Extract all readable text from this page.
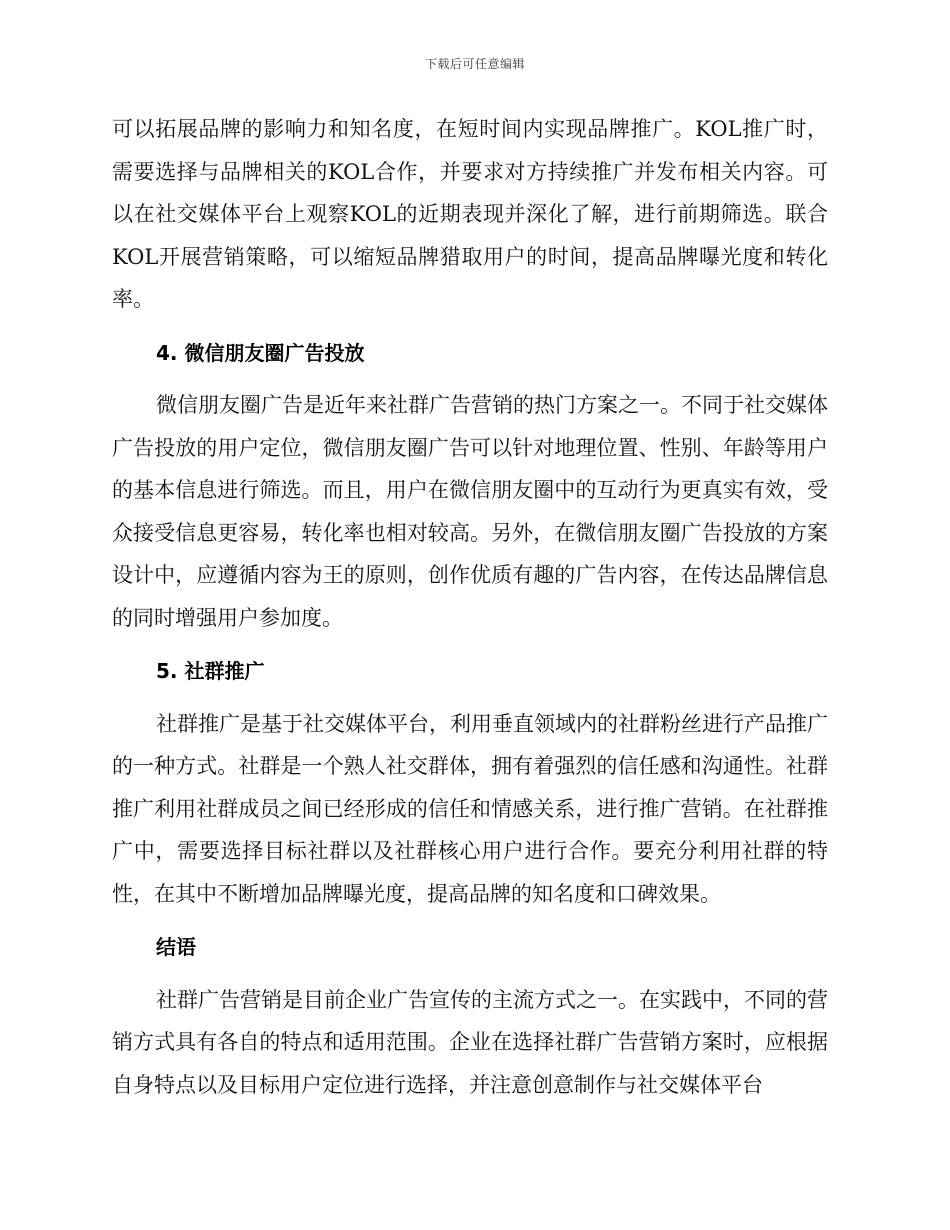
下载后可任意编辑

可以拓展品牌的影响力和知名度，在短时间内实现品牌推广。KOL推广时，需要选择与品牌相关的KOL合作，并要求对方持续推广并发布相关内容。可以在社交媒体平台上观察KOL的近期表现并深化了解，进行前期筛选。联合KOL开展营销策略，可以缩短品牌猎取用户的时间，提高品牌曝光度和转化率。

4. 微信朋友圈广告投放

微信朋友圈广告是近年来社群广告营销的热门方案之一。不同于社交媒体广告投放的用户定位，微信朋友圈广告可以针对地理位置、性别、年龄等用户的基本信息进行筛选。而且，用户在微信朋友圈中的互动行为更真实有效，受众接受信息更容易，转化率也相对较高。另外，在微信朋友圈广告投放的方案设计中，应遵循内容为王的原则，创作优质有趣的广告内容，在传达品牌信息的同时增强用户参加度。

5. 社群推广

社群推广是基于社交媒体平台，利用垂直领域内的社群粉丝进行产品推广的一种方式。社群是一个熟人社交群体，拥有着强烈的信任感和沟通性。社群推广利用社群成员之间已经形成的信任和情感关系，进行推广营销。在社群推广中，需要选择目标社群以及社群核心用户进行合作。要充分利用社群的特性，在其中不断增加品牌曝光度，提高品牌的知名度和口碑效果。

结语

社群广告营销是目前企业广告宣传的主流方式之一。在实践中，不同的营销方式具有各自的特点和适用范围。企业在选择社群广告营销方案时，应根据自身特点以及目标用户定位进行选择，并注意创意制作与社交媒体平台
